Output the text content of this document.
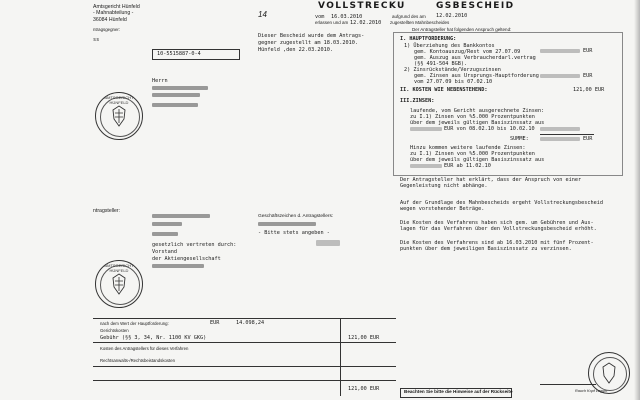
VOLLSTRECKU	GSBESCHEID
14
Amtsgericht Hünfeld
- Mahnabteilung -
36084 Hünfeld
ntragsgegner:
ss
10-5515887-0-4
vom 16.03.2010	aufgrund des am 12.02.2010
erlassen und am 12.02.2010 zugestellten Mahnbescheides
Der Antragsteller hat folgenden Anspruch geltend:
Dieser Bescheid wurde dem Antrags-
gegner zugestellt am 18.03.2010.
Hünfeld ,den 22.03.2010.
Herrn
I. HAUPTFORDERUNG:
1) Überziehung des Bankkontos
gem. Kontoauszug/Rest vom 27.07.09
gem. Auszug aus Verbraucherdarl.vertrag
(§§ 491-504 BGB).
EUR
2) Zinsrückstände/Verzugszinsen
gem. Zinsen aus Ursprungs-Hauptforderung
vom 27.07.09 bis 07.02.10
EUR
II. KOSTEN WIE NEBENSTEHEND:	121,00 EUR
III.ZINSEN:
laufende, vom Gericht ausgerechnete Zinsen:
zu I.1) Zinsen von %5.000 Prozentpunkten
über dem jeweils gültigen Basiszinssatz aus
EUR von 08.02.10 bis 10.02.10
SUMME:	EUR
Hinzu kommen weitere laufende Zinsen:
zu I.1) Zinsen von %5.000 Prozentpunkten
über dem jeweils gültigen Basiszinssatz aus
EUR ab 11.02.10
Der Antragsteller hat erklärt, dass der Anspruch von einer
Gegenleistung nicht abhänge.
Auf der Grundlage des Mahnbescheids ergeht Vollstreckungsbescheid
wegen vorstehender Beträge.
Die Kosten des Verfahrens haben sich gem. um Gebühren und Aus-
lagen für das Verfahren über den Vollstreckungsbescheid erhöht.
Die Kosten des Verfahrens sind ab 16.03.2010 mit fünf Prozent-
punkten über dem jeweiligen Basiszinssatz zu verzinsen.
ntragsteller:
gesetzlich vertreten durch:
Vorstand
der Aktiengesellschaft
Geschäftszeichen d. Antragstellers:
- Bitte stets angeben -
nach dem Wert der Hauptforderung:	EUR	14.098,24
Gerichtskosten
Gebühr (§§ 3, 34, Nr. 1100 KV GKG)	121,00 EUR
Kosten des Antragstellers für dieses Verfahren
Rechtsanwalts-/Rechtsbeistandskosten
121,00 EUR	Beachten Sie bitte die Hinweise auf der Rückseite	Rauch Kopf Lagger
AMTSGERICHT HÜNFELD
AMTSGERICHT HÜNFELD
